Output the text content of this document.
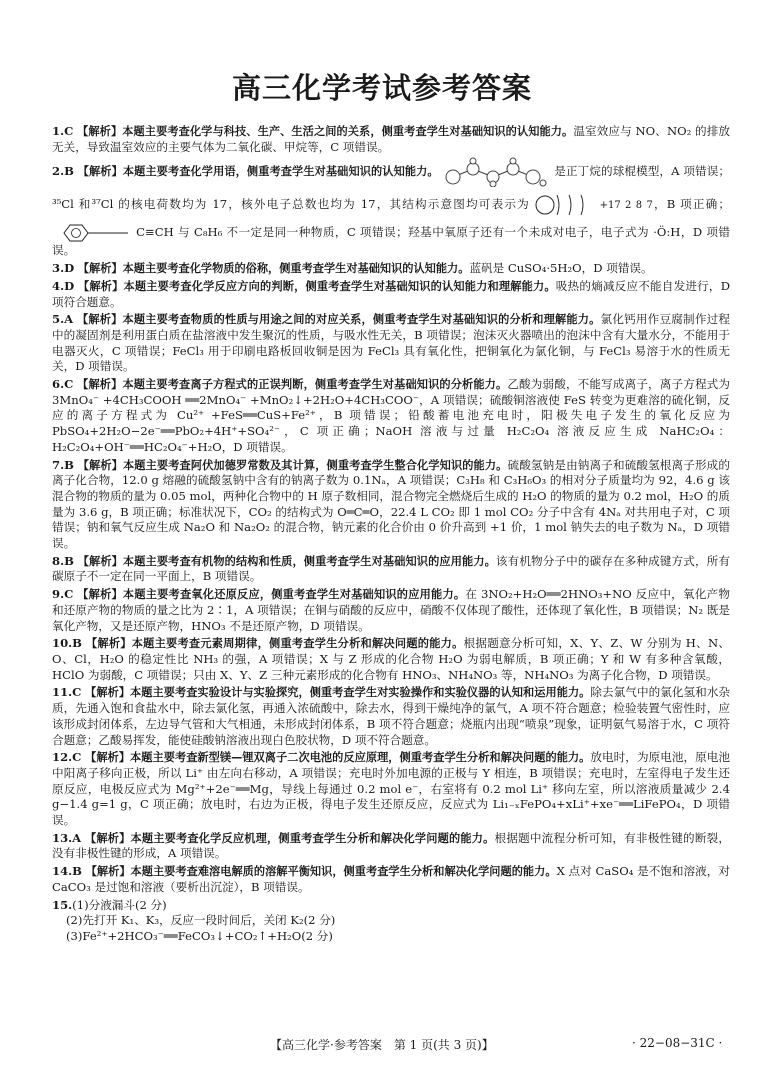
高三化学考试参考答案
1.C 【解析】本题主要考查化学与科技、生产、生活之间的关系，侧重考查学生对基础知识的认知能力。温室效应与 NO、NO₂ 的排放无关，导致温室效应的主要气体为二氧化碳、甲烷等，C 项错误。
2.B 【解析】本题主要考查化学用语，侧重考查学生对基础知识的认知能力。	是正丁烷的球棍模型，A 项错误；³⁵Cl 和³⁷Cl 的核电荷数均为 17，核外电子总数也均为 17，其结构示意图均可表示为	+17 2 8 7，B 项正确；  C≡CH 与 C₈H₆ 不一定是同一种物质，C 项错误；羟基中氧原子还有一个未成对电子，电子式为 ·Ö:H，D 项错误。
3.D 【解析】本题主要考查化学物质的俗称，侧重考查学生对基础知识的认知能力。蓝矾是 CuSO₄·5H₂O，D 项错误。
4.D 【解析】本题主要考查化学反应方向的判断，侧重考查学生对基础知识的认知能力和理解能力。吸热的熵减反应不能自发进行，D 项符合题意。
5.A 【解析】本题主要考查物质的性质与用途之间的对应关系，侧重考查学生对基础知识的分析和理解能力。氯化钙用作豆腐制作过程中的凝固剂是利用蛋白质在盐溶液中发生聚沉的性质，与吸水性无关，B 项错误；泡沫灭火器喷出的泡沫中含有大量水分，不能用于电器灭火，C 项错误；FeCl₃ 用于印刷电路板回收铜是因为 FeCl₃ 具有氧化性，把铜氧化为氯化铜，与 FeCl₃ 易溶于水的性质无关，D 项错误。
6.C 【解析】本题主要考查离子方程式的正误判断，侧重考查学生对基础知识的分析能力。乙酸为弱酸，不能写成离子，离子方程式为 3MnO₄⁻ +4CH₃COOH ══2MnO₄⁻ +MnO₂↓+2H₂O+4CH₃COO⁻，A 项错误；硫酸铜溶液使 FeS 转变为更难溶的硫化铜，反应的离子方程式为 Cu²⁺ +FeS══CuS+Fe²⁺，B 项错误；铅酸蓄电池充电时，阳极失电子发生的氧化反应为 PbSO₄+2H₂O−2e⁻══PbO₂+4H⁺+SO₄²⁻，C 项正确；NaOH 溶液与过量 H₂C₂O₄ 溶液反应生成 NaHC₂O₄：H₂C₂O₄+OH⁻══HC₂O₄⁻+H₂O，D 项错误。
7.B 【解析】本题主要考查阿伏加德罗常数及其计算，侧重考查学生整合化学知识的能力。硫酸氢钠是由钠离子和硫酸氢根离子形成的离子化合物，12.0 g 熔融的硫酸氢钠中含有的钠离子数为 0.1Nₐ，A 项错误；C₃H₈ 和 C₃H₆O₃ 的相对分子质量均为 92，4.6 g 该混合物的物质的量为 0.05 mol，两种化合物中的 H 原子数相同，混合物完全燃烧后生成的 H₂O 的物质的量为 0.2 mol，H₂O 的质量为 3.6 g，B 项正确；标准状况下，CO₂ 的结构式为 O═C═O，22.4 L CO₂ 即 1 mol CO₂ 分子中含有 4Nₐ 对共用电子对，C 项错误；钠和氧气反应生成 Na₂O 和 Na₂O₂ 的混合物，钠元素的化合价由 0 价升高到 +1 价，1 mol 钠失去的电子数为 Nₐ，D 项错误。
8.B 【解析】本题主要考查有机物的结构和性质，侧重考查学生对基础知识的应用能力。该有机物分子中的碳存在多种成键方式，所有碳原子不一定在同一平面上，B 项错误。
9.C 【解析】本题主要考查氧化还原反应，侧重考查学生对基础知识的应用能力。在 3NO₂+H₂O══2HNO₃+NO 反应中，氧化产物和还原产物的物质的量之比为 2∶1，A 项错误；在铜与硝酸的反应中，硝酸不仅体现了酸性，还体现了氧化性，B 项错误；N₂ 既是氧化产物，又是还原产物，HNO₃ 不是还原产物，D 项错误。
10.B 【解析】本题主要考查元素周期律，侧重考查学生分析和解决问题的能力。根据题意分析可知，X、Y、Z、W 分别为 H、N、O、Cl，H₂O 的稳定性比 NH₃ 的强，A 项错误；X 与 Z 形成的化合物 H₂O 为弱电解质，B 项正确；Y 和 W 有多种含氧酸，HClO 为弱酸，C 项错误；只由 X、Y、Z 三种元素形成的化合物有 HNO₃、NH₄NO₃ 等，NH₄NO₃ 为离子化合物，D 项错误。
11.C 【解析】本题主要考查实验设计与实验探究，侧重考查学生对实验操作和实验仪器的认知和运用能力。除去氯气中的氯化氢和水杂质，先通入饱和食盐水中，除去氯化氢，再通入浓硫酸中，除去水，得到干燥纯净的氯气，A 项不符合题意；检验装置气密性时，应该形成封闭体系，左边导气管和大气相通，未形成封闭体系，B 项不符合题意；烧瓶内出现“喷泉”现象，证明氨气易溶于水，C 项符合题意；乙酸易挥发，能使硅酸钠溶液出现白色胶状物，D 项不符合题意。
12.C 【解析】本题主要考查新型镁—锂双离子二次电池的反应原理，侧重考查学生分析和解决问题的能力。放电时，为原电池，原电池中阳离子移向正极，所以 Li⁺ 由左向右移动，A 项错误；充电时外加电源的正极与 Y 相连，B 项错误；充电时，左室得电子发生还原反应，电极反应式为 Mg²⁺+2e⁻══Mg，导线上每通过 0.2 mol e⁻，右室将有 0.2 mol Li⁺ 移向左室，所以溶液质量减少 2.4 g−1.4 g=1 g，C 项正确；放电时，右边为正极，得电子发生还原反应，反应式为 Li₁₋ₓFePO₄+xLi⁺+xe⁻══LiFePO₄，D 项错误。
13.A 【解析】本题主要考查化学反应机理，侧重考查学生分析和解决化学问题的能力。根据题中流程分析可知，有非极性键的断裂，没有非极性键的形成，A 项错误。
14.B 【解析】本题主要考查难溶电解质的溶解平衡知识，侧重考查学生分析和解决化学问题的能力。X 点对 CaSO₄ 是不饱和溶液，对 CaCO₃ 是过饱和溶液（要析出沉淀），B 项错误。
15.(1)分液漏斗(2 分)
(2)先打开 K₁、K₃，反应一段时间后，关闭 K₂(2 分)
(3)Fe²⁺+2HCO₃⁻══FeCO₃↓+CO₂↑+H₂O(2 分)
【高三化学·参考答案　第 1 页(共 3 页)】	· 22−08−31C ·
